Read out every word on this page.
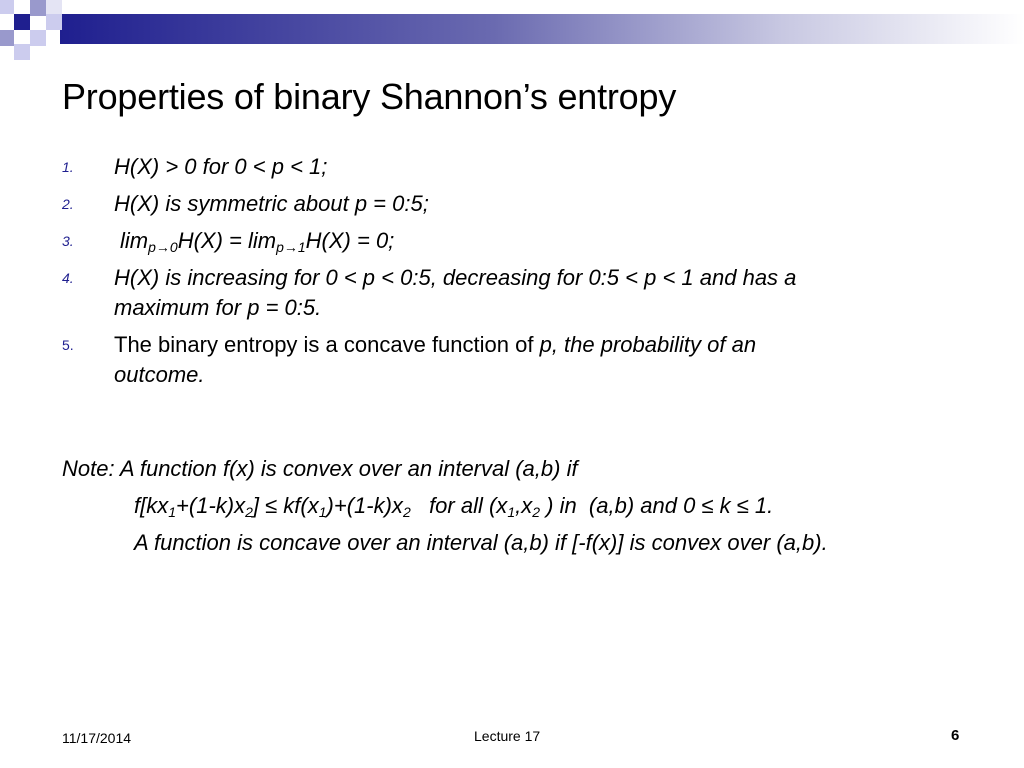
Properties of binary Shannon’s entropy
1. H(X) > 0 for 0 < p < 1;
2. H(X) is symmetric about p = 0:5;
3. $\lim_{p\to 0}H(X) = \lim_{p\to 1}H(X) = 0$;
4. H(X) is increasing for 0 < p < 0:5, decreasing for 0:5 < p < 1 and has a
maximum for p = 0:5.
5. The binary entropy is a concave function of p, the probability of an
outcome.
Note: A function f(x) is convex over an interval (a,b) if
$f[kx_1+(1-k)x_2] \le kf(x_1)+(1-k)x_2$   for all ($x_1,x_2$ ) in  (a,b) and 0 ≤ k ≤ 1.
A function is concave over an interval (a,b) if [-f(x)] is convex over (a,b).
11/17/2014	Lecture 17	6
